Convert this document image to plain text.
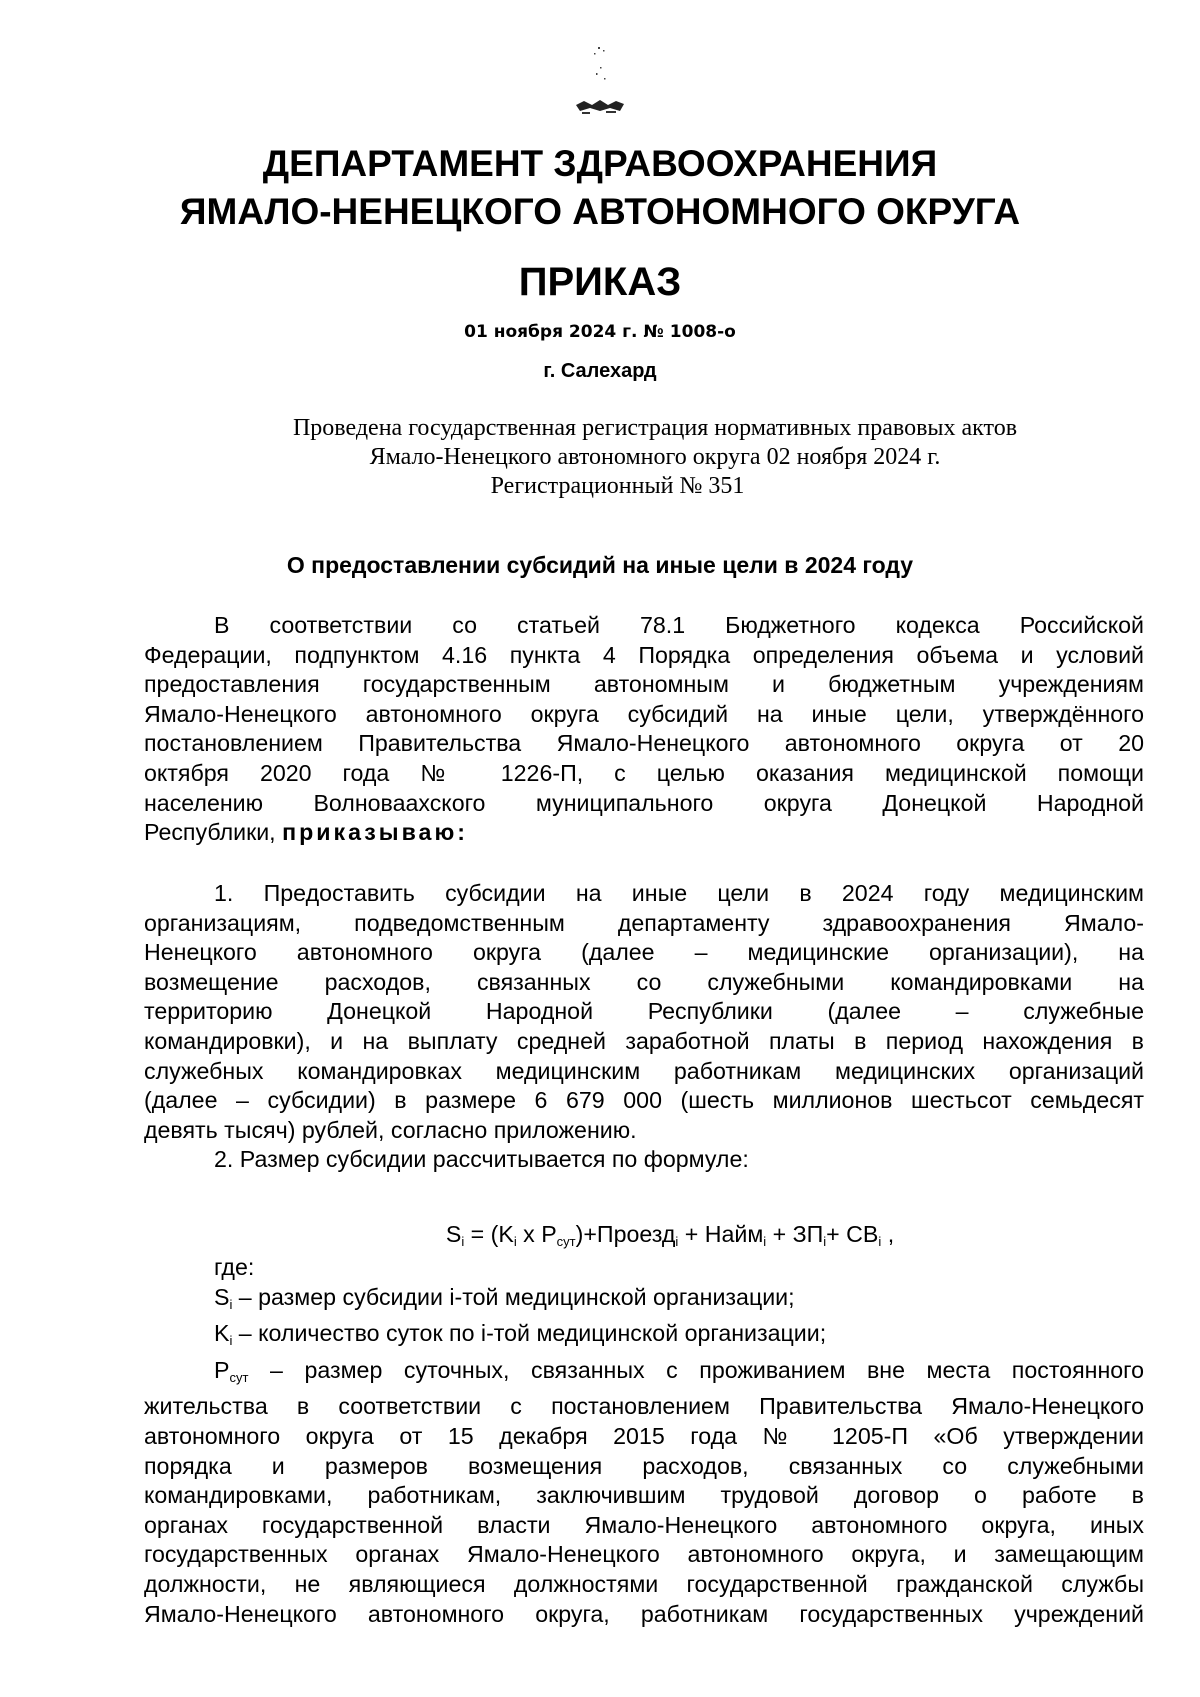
ДЕПАРТАМЕНТ ЗДРАВООХРАНЕНИЯ
ЯМАЛО-НЕНЕЦКОГО АВТОНОМНОГО ОКРУГА
ПРИКАЗ
01 ноября 2024 г. № 1008-о
г. Салехард
Проведена государственная регистрация нормативных правовых актов
Ямало-Ненецкого автономного округа 02 ноября 2024 г.
Регистрационный № 351
О предоставлении субсидий на иные цели в 2024 году
В соответствии со статьей 78.1 Бюджетного кодекса Российской
Федерации, подпунктом 4.16 пункта 4 Порядка определения объема и условий
предоставления государственным автономным и бюджетным учреждениям
Ямало-Ненецкого автономного округа субсидий на иные цели, утверждённого
постановлением Правительства Ямало-Ненецкого автономного округа от 20
октября 2020 года № 1226-П, с целью оказания медицинской помощи
населению Волноваахского муниципального округа Донецкой Народной
Республики, приказываю:
1. Предоставить субсидии на иные цели в 2024 году медицинским
организациям, подведомственным департаменту здравоохранения Ямало-
Ненецкого автономного округа (далее – медицинские организации), на
возмещение расходов, связанных со служебными командировками на
территорию Донецкой Народной Республики (далее – служебные
командировки), и на выплату средней заработной платы в период нахождения в
служебных командировках медицинским работникам медицинских организаций
(далее – субсидии) в размере 6 679 000 (шесть миллионов шестьсот семьдесят
девять тысяч) рублей, согласно приложению.
2. Размер субсидии рассчитывается по формуле:
$S_i = (K_i$ х $P_{сут})+Проезд_i$ + Найм$_i$ + $ЗП_i+ СВ_i$ ,
где:
$S_i$ – размер субсидии i-той медицинской организации;
$K_i$ – количество суток по i-той медицинской организации;
$P_{сут}$ – размер суточных, связанных с проживанием вне места постоянного
жительства в соответствии с постановлением Правительства Ямало-Ненецкого
автономного округа от 15 декабря 2015 года № 1205-П «Об утверждении
порядка и размеров возмещения расходов, связанных со служебными
командировками, работникам, заключившим трудовой договор о работе в
органах государственной власти Ямало-Ненецкого автономного округа, иных
государственных органах Ямало-Ненецкого автономного округа, и замещающим
должности, не являющиеся должностями государственной гражданской службы
Ямало-Ненецкого автономного округа, работникам государственных учреждений
